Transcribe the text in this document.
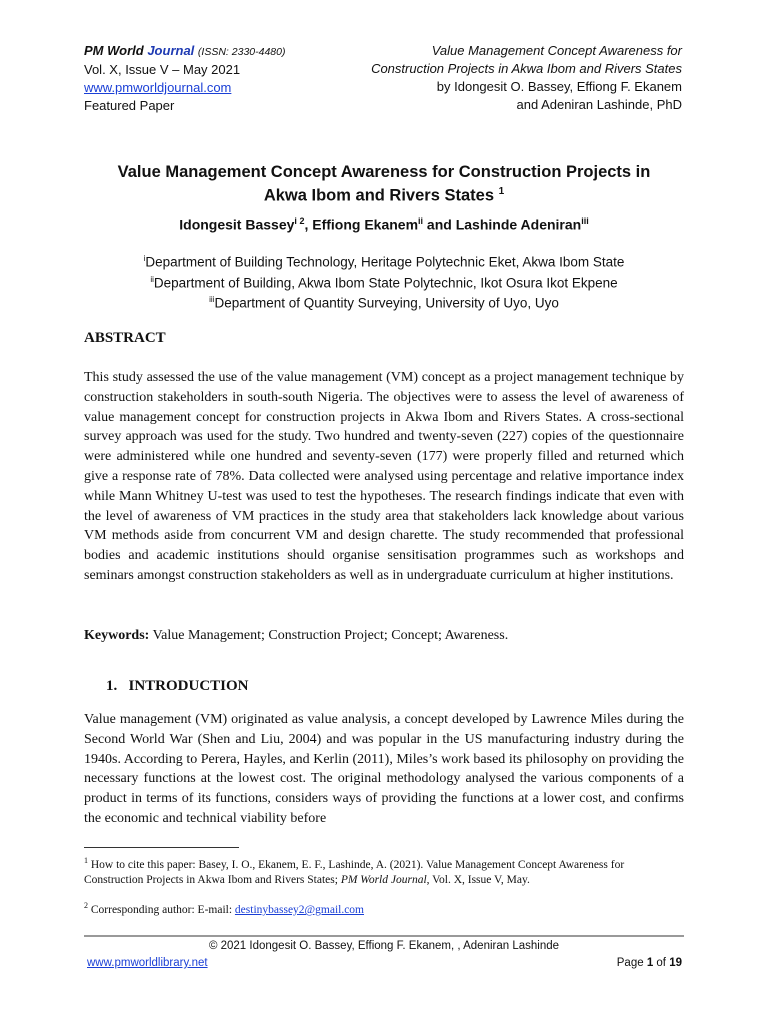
PM World Journal (ISSN: 2330-4480)
Vol. X, Issue V – May 2021
www.pmworldjournal.com
Featured Paper
Value Management Concept Awareness for
Construction Projects in Akwa Ibom and Rivers States
by Idongesit O. Bassey, Effiong F. Ekanem
and Adeniran Lashinde, PhD
Value Management Concept Awareness for Construction Projects in
Akwa Ibom and Rivers States $^1$
Idongesit Bassey$^i$ $^2$, Effiong Ekanem$^{ii}$ and Lashinde Adeniran$^{iii}$
$^i$Department of Building Technology, Heritage Polytechnic Eket, Akwa Ibom State
$^{ii}$Department of Building, Akwa Ibom State Polytechnic, Ikot Osura Ikot Ekpene
$^{iii}$Department of Quantity Surveying, University of Uyo, Uyo
ABSTRACT
This study assessed the use of the value management (VM) concept as a project management technique by construction stakeholders in south-south Nigeria. The objectives were to assess the level of awareness of value management concept for construction projects in Akwa Ibom and Rivers States. A cross-sectional survey approach was used for the study. Two hundred and twenty-seven (227) copies of the questionnaire were administered while one hundred and seventy-seven (177) were properly filled and returned which give a response rate of 78%. Data collected were analysed using percentage and relative importance index while Mann Whitney U-test was used to test the hypotheses. The research findings indicate that even with the level of awareness of VM practices in the study area that stakeholders lack knowledge about various VM methods aside from concurrent VM and design charette. The study recommended that professional bodies and academic institutions should organise sensitisation programmes such as workshops and seminars amongst construction stakeholders as well as in undergraduate curriculum at higher institutions.
Keywords: Value Management; Construction Project; Concept; Awareness.
1. INTRODUCTION
Value management (VM) originated as value analysis, a concept developed by Lawrence Miles during the Second World War (Shen and Liu, 2004) and was popular in the US manufacturing industry during the 1940s. According to Perera, Hayles, and Kerlin (2011), Miles’s work based its philosophy on providing the necessary functions at the lowest cost. The original methodology analysed the various components of a product in terms of its functions, considers ways of providing the functions at a lower cost, and confirms the economic and technical viability before
$^1$ How to cite this paper: Basey, I. O., Ekanem, E. F., Lashinde, A. (2021). Value Management Concept Awareness for Construction Projects in Akwa Ibom and Rivers States; PM World Journal, Vol. X, Issue V, May.
$^2$ Corresponding author: E-mail: destinybassey2@gmail.com
© 2021 Idongesit O. Bassey, Effiong F. Ekanem, , Adeniran Lashinde
www.pmworldlibrary.net	Page 1 of 19
